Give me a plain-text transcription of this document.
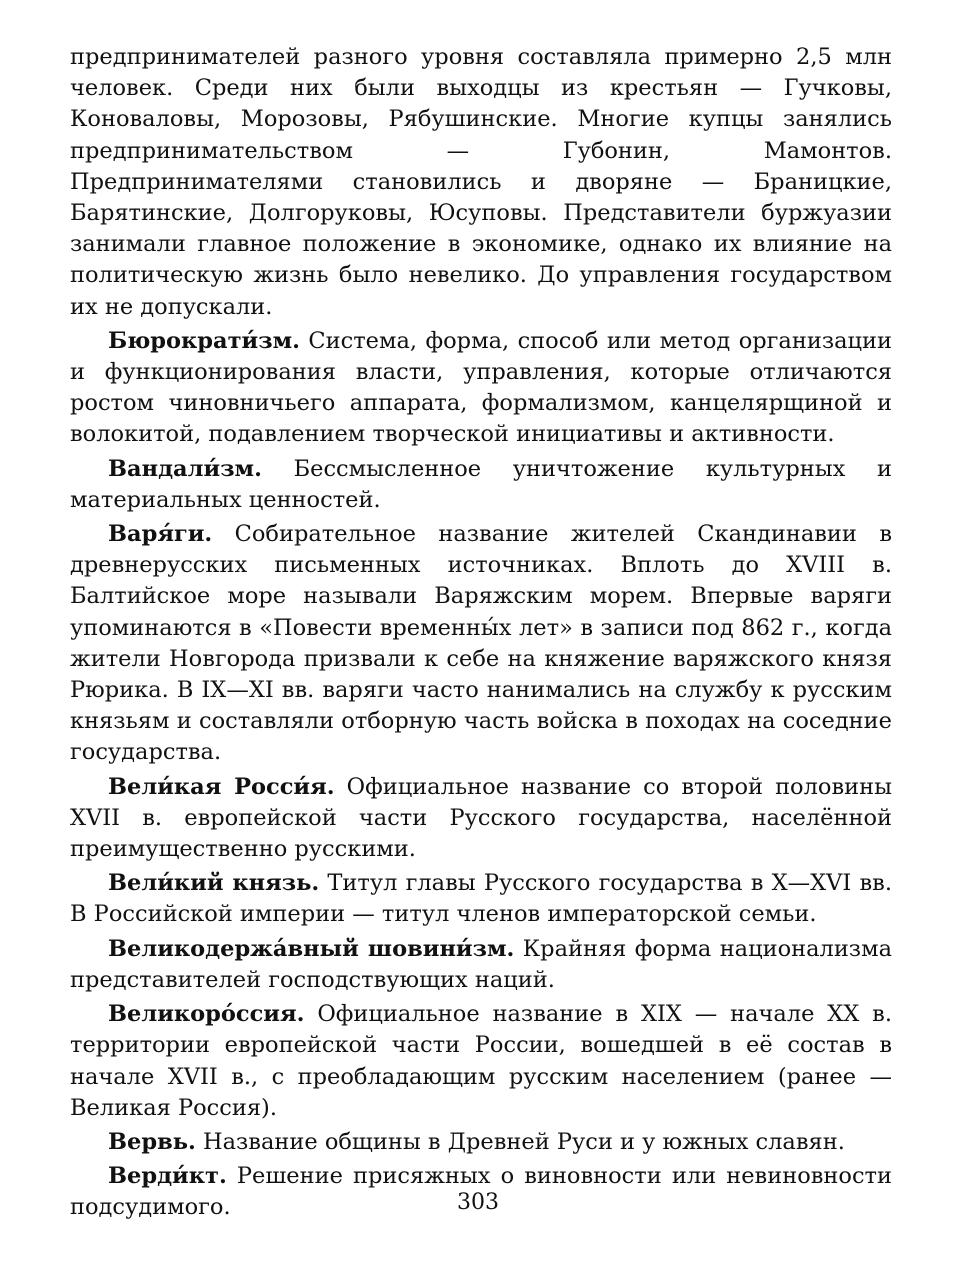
предпринимателей разного уровня составляла примерно 2,5 млн человек. Среди них были выходцы из крестьян — Гучковы, Коноваловы, Морозовы, Рябушинские. Многие купцы занялись предпринимательством — Губонин, Мамонтов. Предпринимателями становились и дворяне — Браницкие, Барятинские, Долгоруковы, Юсуповы. Представители буржуазии занимали главное положение в экономике, однако их влияние на политическую жизнь было невелико. До управления государством их не допускали.

Бюрократи́зм. Система, форма, способ или метод организации и функционирования власти, управления, которые отличаются ростом чиновничьего аппарата, формализмом, канцелярщиной и волокитой, подавлением творческой инициативы и активности.

Вандали́зм. Бессмысленное уничтожение культурных и материальных ценностей.

Варя́ги. Собирательное название жителей Скандинавии в древнерусских письменных источниках. Вплоть до XVIII в. Балтийское море называли Варяжским морем. Впервые варяги упоминаются в «Повести временны́х лет» в записи под 862 г., когда жители Новгорода призвали к себе на княжение варяжского князя Рюрика. В IX—XI вв. варяги часто нанимались на службу к русским князьям и составляли отборную часть войска в походах на соседние государства.

Вели́кая Росси́я. Официальное название со второй половины XVII в. европейской части Русского государства, населённой преимущественно русскими.

Вели́кий князь. Титул главы Русского государства в X—XVI вв. В Российской империи — титул членов императорской семьи.

Великодержа́вный шовини́зм. Крайняя форма национализма представителей господствующих наций.

Великоро́ссия. Официальное название в XIX — начале XX в. территории европейской части России, вошедшей в её состав в начале XVII в., с преобладающим русским населением (ранее — Великая Россия).

Вервь. Название общины в Древней Руси и у южных славян.

Верди́кт. Решение присяжных о виновности или невиновности подсудимого.	303
